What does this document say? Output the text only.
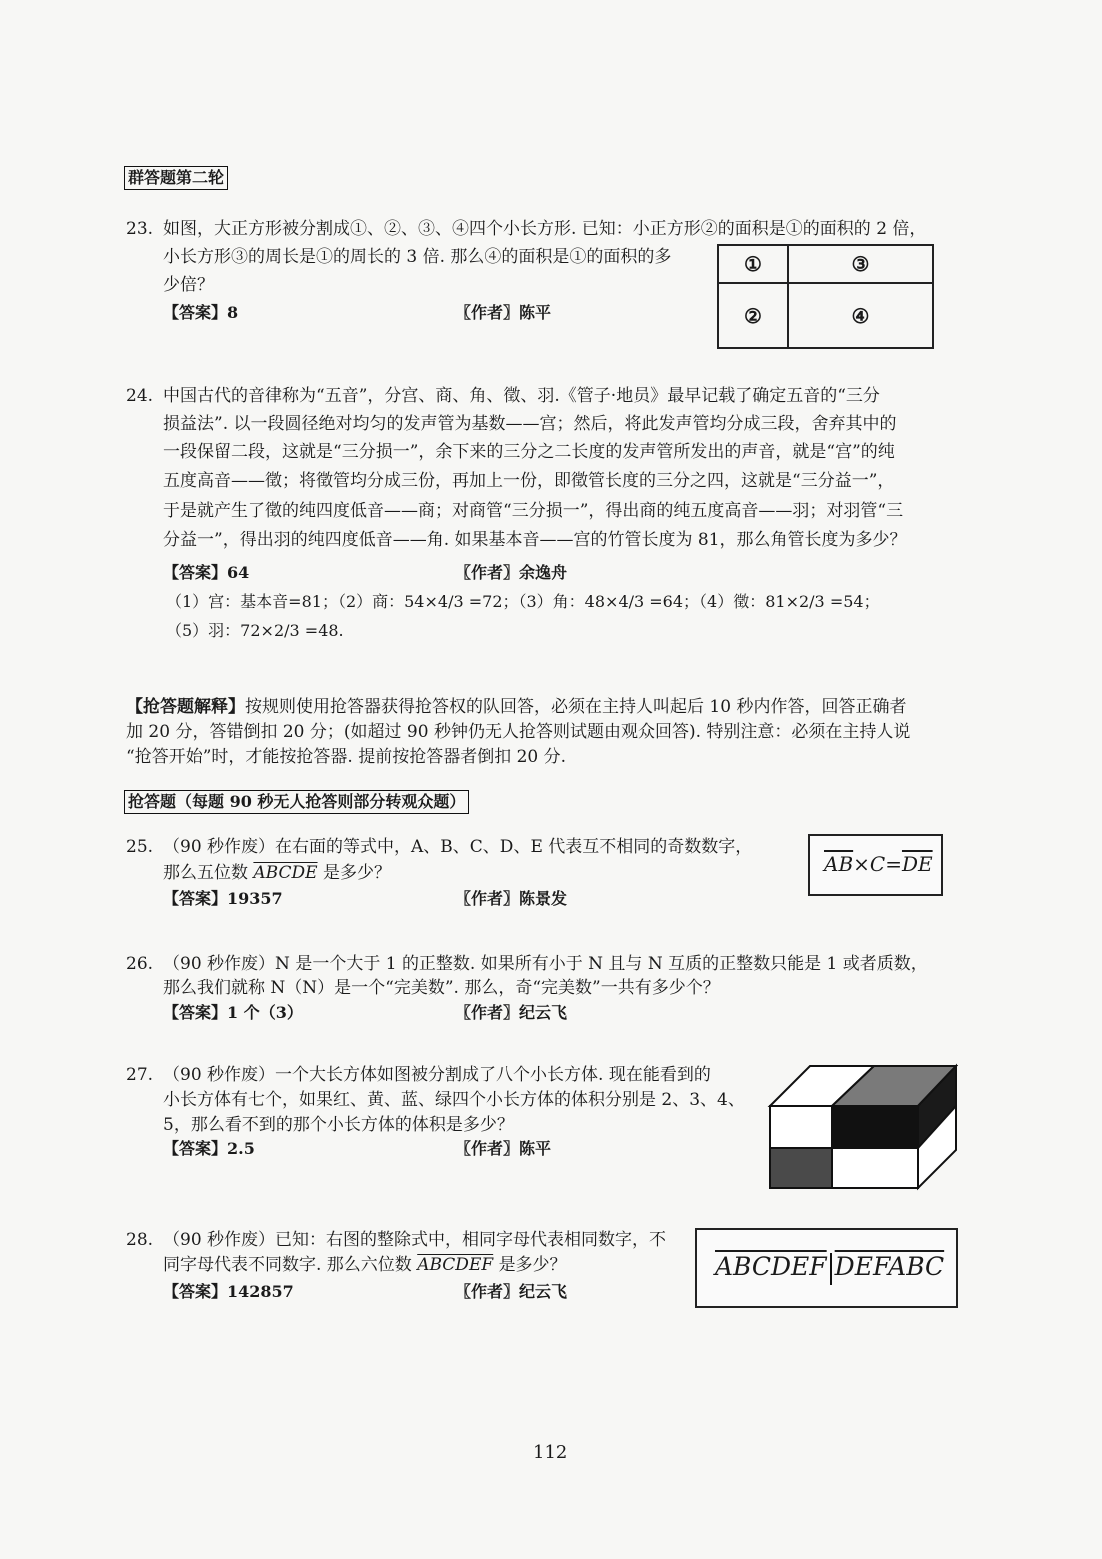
群答题第二轮
23. 如图，大正方形被分割成①、②、③、④四个小长方形. 已知：小正方形②的面积是①的面积的 2 倍，
小长方形③的周长是①的周长的 3 倍. 那么④的面积是①的面积的多
少倍？
【答案】8	〖作者〗陈平
①	③
②	④
24. 中国古代的音律称为“五音”，分宫、商、角、徵、羽.《管子·地员》最早记载了确定五音的“三分
损益法”. 以一段圆径绝对均匀的发声管为基数——宫；然后，将此发声管均分成三段，舍弃其中的
一段保留二段，这就是“三分损一”，余下来的三分之二长度的发声管所发出的声音，就是“宫”的纯
五度高音——徵；将徵管均分成三份，再加上一份，即徵管长度的三分之四，这就是“三分益一”，
于是就产生了徵的纯四度低音——商；对商管“三分损一”，得出商的纯五度高音——羽；对羽管“三
分益一”，得出羽的纯四度低音——角. 如果基本音——宫的竹管长度为 81，那么角管长度为多少？
【答案】64	〖作者〗余逸舟
（1）宫：基本音=81；（2）商：54×4/3 =72；（3）角：48×4/3 =64；（4）徵：81×2/3 =54；
（5）羽：72×2/3 =48.
【抢答题解释】按规则使用抢答器获得抢答权的队回答，必须在主持人叫起后 10 秒内作答，回答正确者
加 20 分，答错倒扣 20 分；(如超过 90 秒钟仍无人抢答则试题由观众回答). 特别注意：必须在主持人说
“抢答开始”时，才能按抢答器. 提前按抢答器者倒扣 20 分.
抢答题（每题 90 秒无人抢答则部分转观众题）
25. （90 秒作废）在右面的等式中，A、B、C、D、E 代表互不相同的奇数数字，
那么五位数 ABCDE 是多少？
【答案】19357	〖作者〗陈景发
$\overline{AB}\times C=\overline{DE}$
26. （90 秒作废）N 是一个大于 1 的正整数. 如果所有小于 N 且与 N 互质的正整数只能是 1 或者质数，
那么我们就称 N（N）是一个“完美数”. 那么，奇“完美数”一共有多少个？
【答案】1 个（3）	〖作者〗纪云飞
27. （90 秒作废）一个大长方体如图被分割成了八个小长方体. 现在能看到的
小长方体有七个，如果红、黄、蓝、绿四个小长方体的体积分别是 2、3、4、
5，那么看不到的那个小长方体的体积是多少？
【答案】2.5	〖作者〗陈平
28. （90 秒作废）已知：右图的整除式中，相同字母代表相同数字，不
同字母代表不同数字. 那么六位数 ABCDEF 是多少？
【答案】142857	〖作者〗纪云飞
ABCDEF DEFABC
112
